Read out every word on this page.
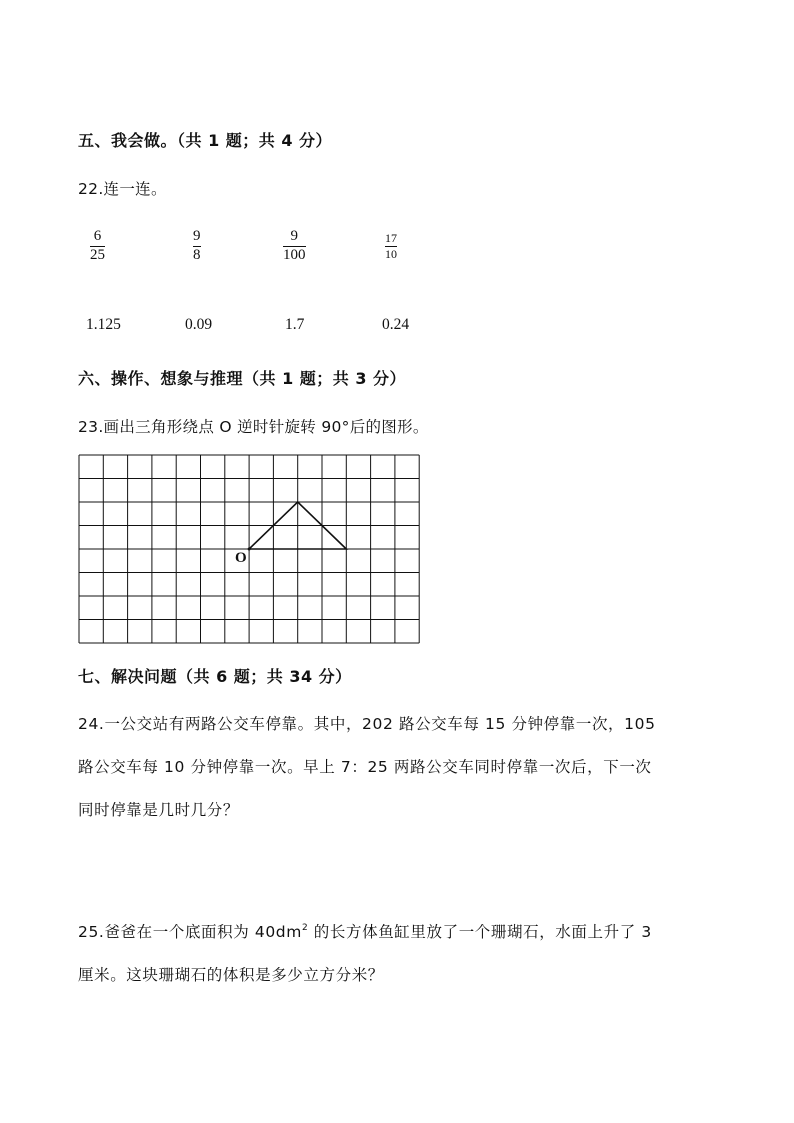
五、我会做。（共 1 题；共 4 分）
22.连一连。
6
25
9
8
9
100
17
10
1.125	0.09	1.7	0.24
六、操作、想象与推理（共 1 题；共 3 分）
23.画出三角形绕点 O 逆时针旋转 90°后的图形。
O
七、解决问题（共 6 题；共 34 分）
24.一公交站有两路公交车停靠。其中，202 路公交车每 15 分钟停靠一次，105
路公交车每 10 分钟停靠一次。早上 7：25 两路公交车同时停靠一次后，下一次
同时停靠是几时几分？
25.爸爸在一个底面积为 $40dm^2$ 的长方体鱼缸里放了一个珊瑚石，水面上升了 3
厘米。这块珊瑚石的体积是多少立方分米？
